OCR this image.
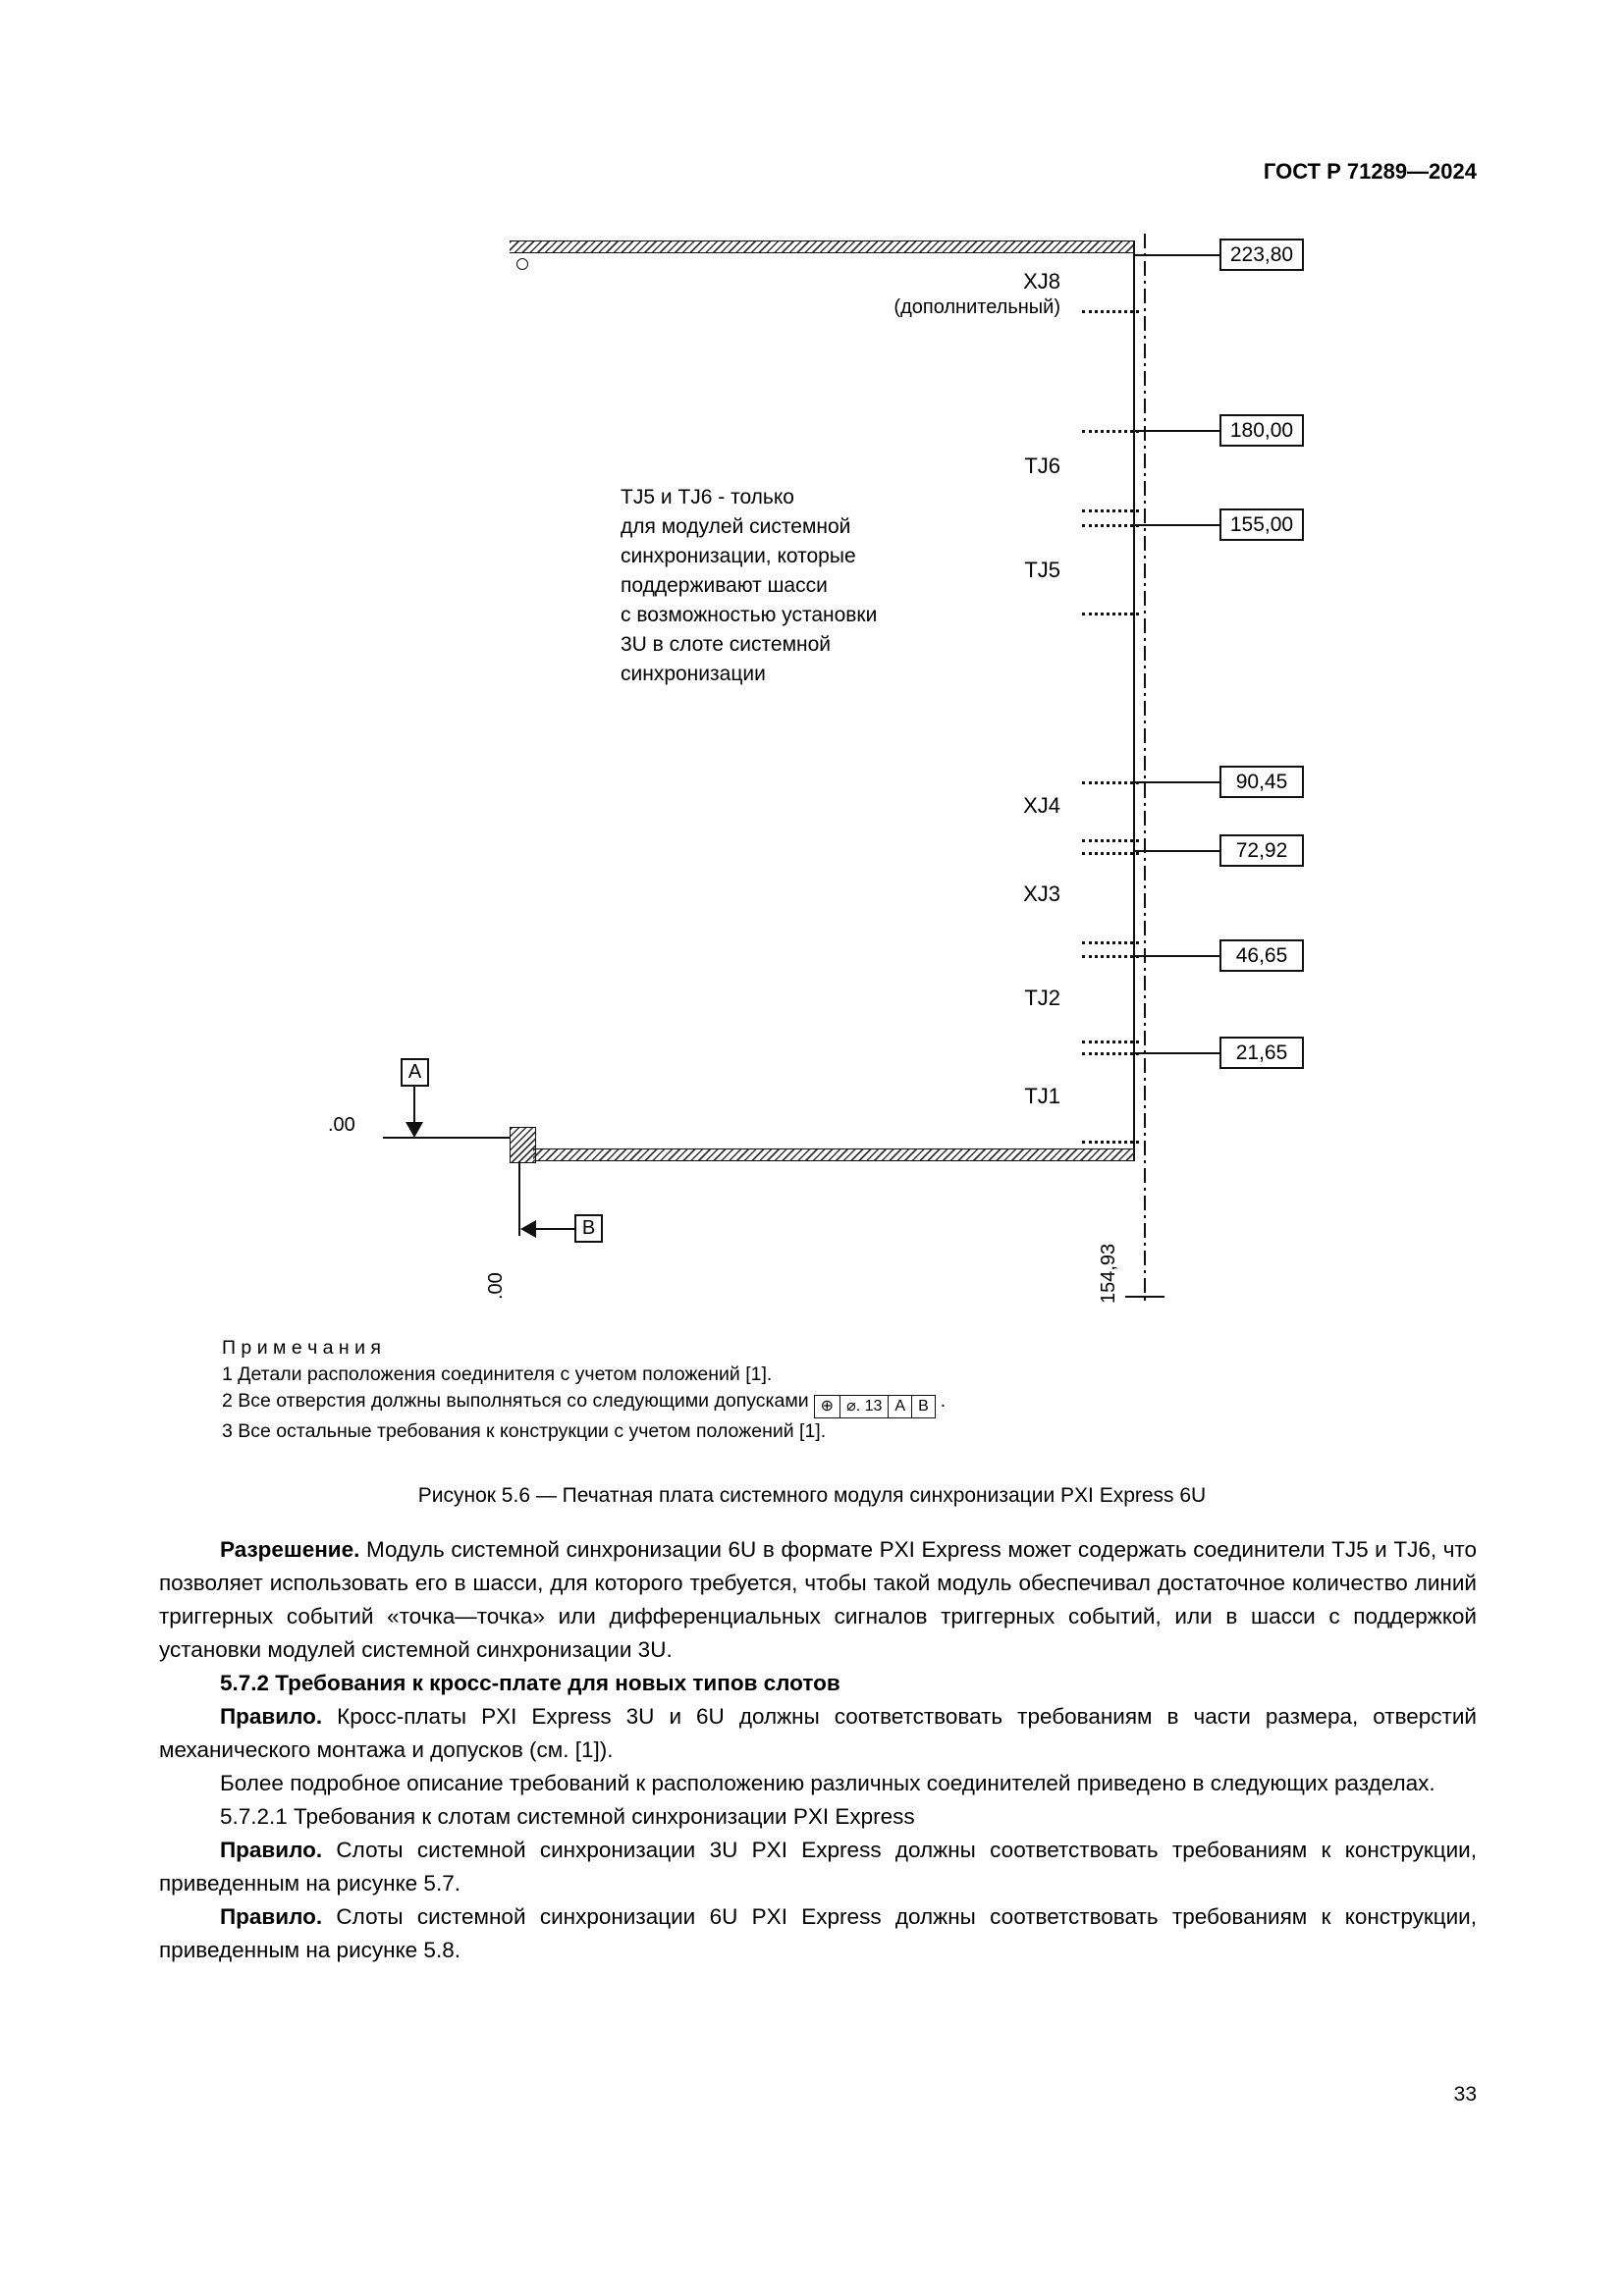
ГОСТ Р 71289—2024
223,80
180,00
155,00
90,45
72,92
46,65
21,65
XJ8
(дополнительный)
TJ6
TJ5
XJ4
XJ3
TJ2
TJ1
TJ5 и TJ6 - только
для модулей системной
синхронизации, которые
поддерживают шасси
с возможностью установки
3U в слоте системной
синхронизации
A
.00
B
.00	154,93
П р и м е ч а н и я
1 Детали расположения соединителя с учетом положений [1].
2 Все отверстия должны выполняться со следующими допусками ⊕ ⌀. 13 A B .
3 Все остальные требования к конструкции с учетом положений [1].
Рисунок 5.6 — Печатная плата системного модуля синхронизации PXI Express 6U

Разрешение. Модуль системной синхронизации 6U в формате PXI Express может содержать соединители TJ5 и TJ6, что позволяет использовать его в шасси, для которого требуется, чтобы такой модуль обеспечивал достаточное количество линий триггерных событий «точка—точка» или дифференциальных сигналов триггерных событий, или в шасси с поддержкой установки модулей системной синхронизации 3U.

5.7.2 Требования к кросс-плате для новых типов слотов

Правило. Кросс-платы PXI Express 3U и 6U должны соответствовать требованиям в части размера, отверстий механического монтажа и допусков (см. [1]).

Более подробное описание требований к расположению различных соединителей приведено в следующих разделах.

5.7.2.1 Требования к слотам системной синхронизации PXI Express

Правило. Слоты системной синхронизации 3U PXI Express должны соответствовать требованиям к конструкции, приведенным на рисунке 5.7.

Правило. Слоты системной синхронизации 6U PXI Express должны соответствовать требованиям к конструкции, приведенным на рисунке 5.8.

33
